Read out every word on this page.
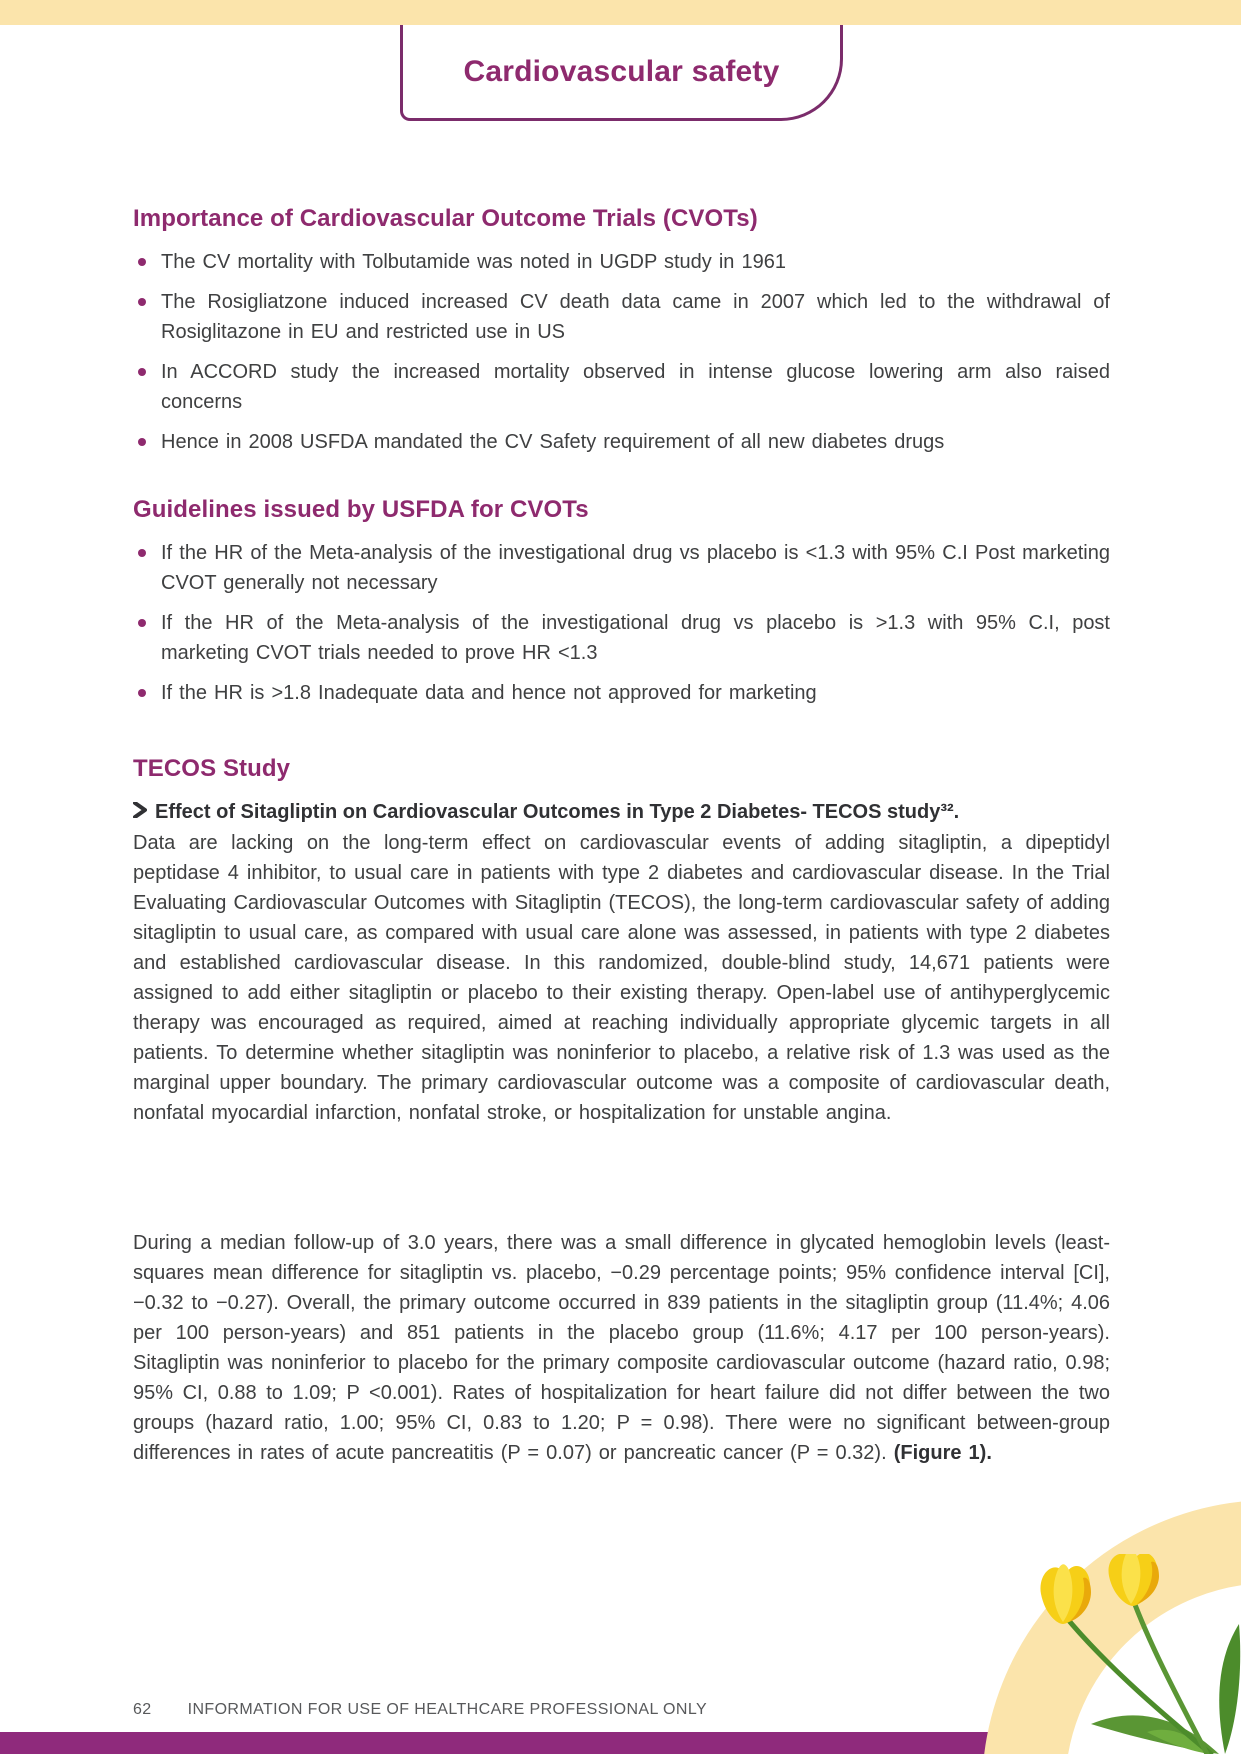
Cardiovascular safety
Importance of Cardiovascular Outcome Trials (CVOTs)
The CV mortality with Tolbutamide was noted in UGDP study in 1961
The Rosigliatzone induced increased CV death data came in 2007 which led to the withdrawal of Rosiglitazone in EU and restricted use in US
In ACCORD study the increased mortality observed in intense glucose lowering arm also raised concerns
Hence in 2008 USFDA mandated the CV Safety requirement of all new diabetes drugs
Guidelines issued by USFDA for CVOTs
If the HR of the Meta-analysis of the investigational drug vs placebo is <1.3 with 95% C.I Post marketing CVOT generally not necessary
If the HR of the Meta-analysis of the investigational drug vs placebo is >1.3 with 95% C.I, post marketing CVOT trials needed to prove HR <1.3
If the HR is >1.8 Inadequate data and hence not approved for marketing
TECOS Study

Effect of Sitagliptin on Cardiovascular Outcomes in Type 2 Diabetes- TECOS study³².

Data are lacking on the long-term effect on cardiovascular events of adding sitagliptin, a dipeptidyl peptidase 4 inhibitor, to usual care in patients with type 2 diabetes and cardiovascular disease. In the Trial Evaluating Cardiovascular Outcomes with Sitagliptin (TECOS), the long-term cardiovascular safety of adding sitagliptin to usual care, as compared with usual care alone was assessed, in patients with type 2 diabetes and established cardiovascular disease. In this randomized, double-blind study, 14,671 patients were assigned to add either sitagliptin or placebo to their existing therapy. Open-label use of antihyperglycemic therapy was encouraged as required, aimed at reaching individually appropriate glycemic targets in all patients. To determine whether sitagliptin was noninferior to placebo, a relative risk of 1.3 was used as the marginal upper boundary. The primary cardiovascular outcome was a composite of cardiovascular death, nonfatal myocardial infarction, nonfatal stroke, or hospitalization for unstable angina.

During a median follow-up of 3.0 years, there was a small difference in glycated hemoglobin levels (least-squares mean difference for sitagliptin vs. placebo, −0.29 percentage points; 95% confidence interval [CI], −0.32 to −0.27). Overall, the primary outcome occurred in 839 patients in the sitagliptin group (11.4%; 4.06 per 100 person-years) and 851 patients in the placebo group (11.6%; 4.17 per 100 person-years). Sitagliptin was noninferior to placebo for the primary composite cardiovascular outcome (hazard ratio, 0.98; 95% CI, 0.88 to 1.09; P <0.001). Rates of hospitalization for heart failure did not differ between the two groups (hazard ratio, 1.00; 95% CI, 0.83 to 1.20; P = 0.98). There were no significant between-group differences in rates of acute pancreatitis (P = 0.07) or pancreatic cancer (P = 0.32). (Figure 1).

62 INFORMATION FOR USE OF HEALTHCARE PROFESSIONAL ONLY
